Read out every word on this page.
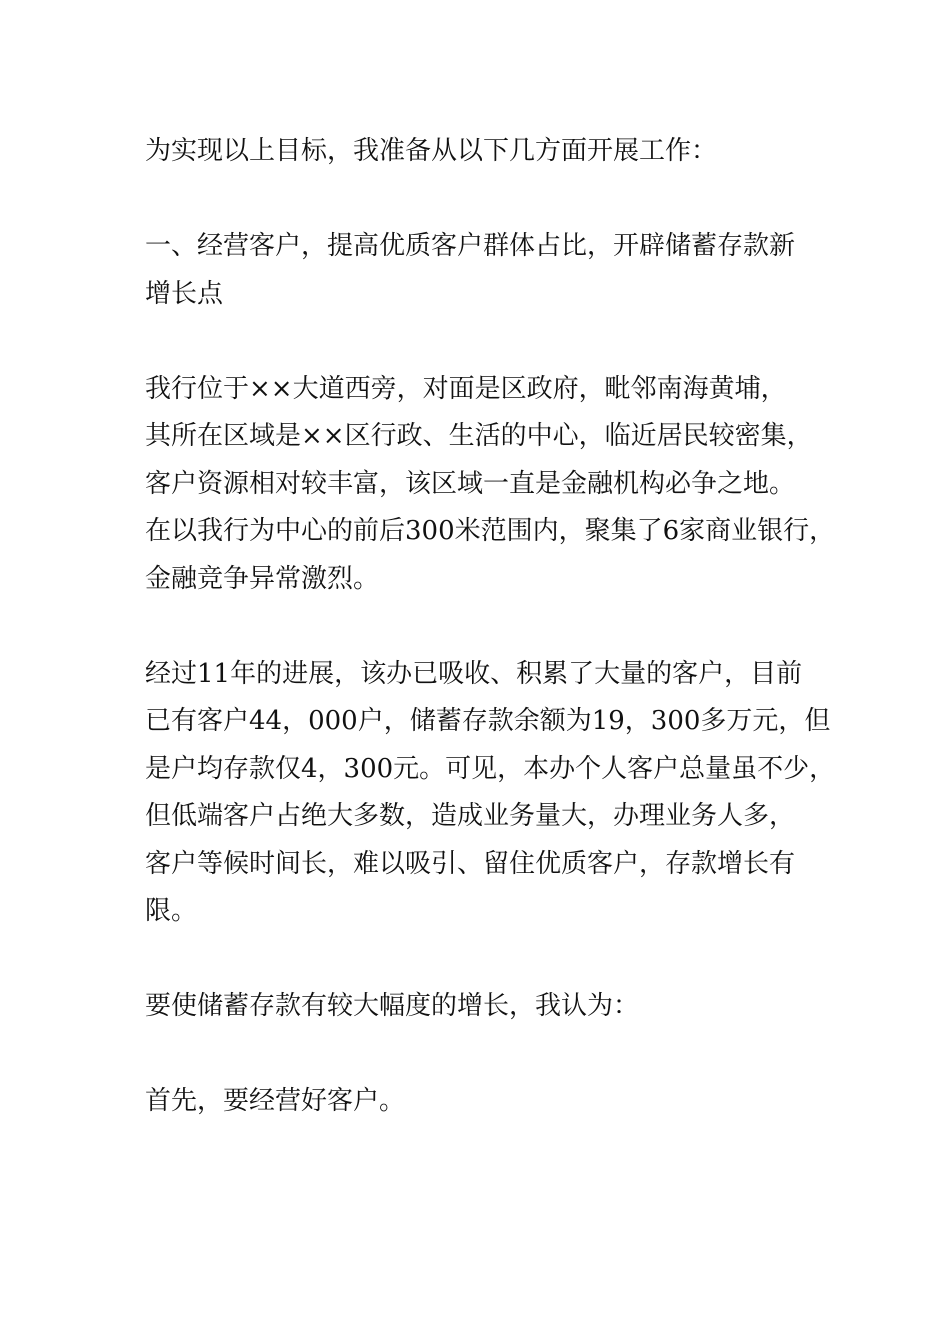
为实现以上目标，我准备从以下几方面开展工作：

一、经营客户，提高优质客户群体占比，开辟储蓄存款新
增长点

我行位于××大道西旁，对面是区政府，毗邻南海黄埔，
其所在区域是××区行政、生活的中心，临近居民较密集，
客户资源相对较丰富，该区域一直是金融机构必争之地。
在以我行为中心的前后300米范围内，聚集了6家商业银行，
金融竞争异常激烈。

经过11年的进展，该办已吸收、积累了大量的客户，目前
已有客户44，000户，储蓄存款余额为19，300多万元，但
是户均存款仅4，300元。可见，本办个人客户总量虽不少，
但低端客户占绝大多数，造成业务量大，办理业务人多，
客户等候时间长，难以吸引、留住优质客户，存款增长有
限。

要使储蓄存款有较大幅度的增长，我认为：

首先，要经营好客户。
